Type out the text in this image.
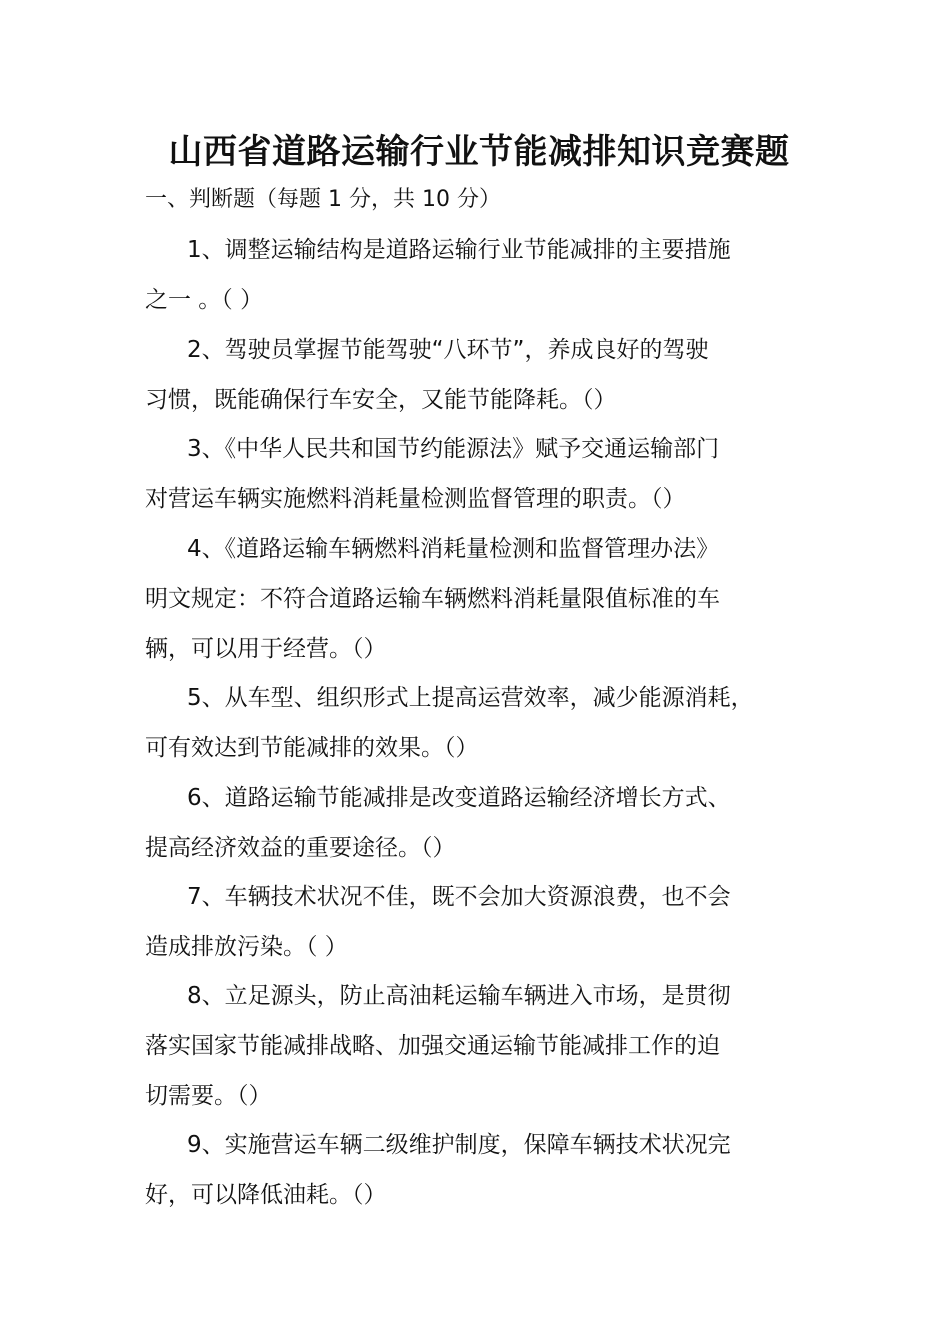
山西省道路运输行业节能减排知识竞赛题
一、判断题（每题 1 分，共 10 分）
1、调整运输结构是道路运输行业节能减排的主要措施
之一 。（ ）
2、驾驶员掌握节能驾驶“八环节”，养成良好的驾驶
习惯，既能确保行车安全，又能节能降耗。（）
3、《中华人民共和国节约能源法》赋予交通运输部门
对营运车辆实施燃料消耗量检测监督管理的职责。（）
4、《道路运输车辆燃料消耗量检测和监督管理办法》
明文规定：不符合道路运输车辆燃料消耗量限值标准的车
辆，可以用于经营。（）
5、从车型、组织形式上提高运营效率，减少能源消耗，
可有效达到节能减排的效果。（）
6、道路运输节能减排是改变道路运输经济增长方式、
提高经济效益的重要途径。（）
7、车辆技术状况不佳，既不会加大资源浪费，也不会
造成排放污染。（ ）
8、立足源头，防止高油耗运输车辆进入市场，是贯彻
落实国家节能减排战略、加强交通运输节能减排工作的迫
切需要。（）
9、实施营运车辆二级维护制度，保障车辆技术状况完
好，可以降低油耗。（）
